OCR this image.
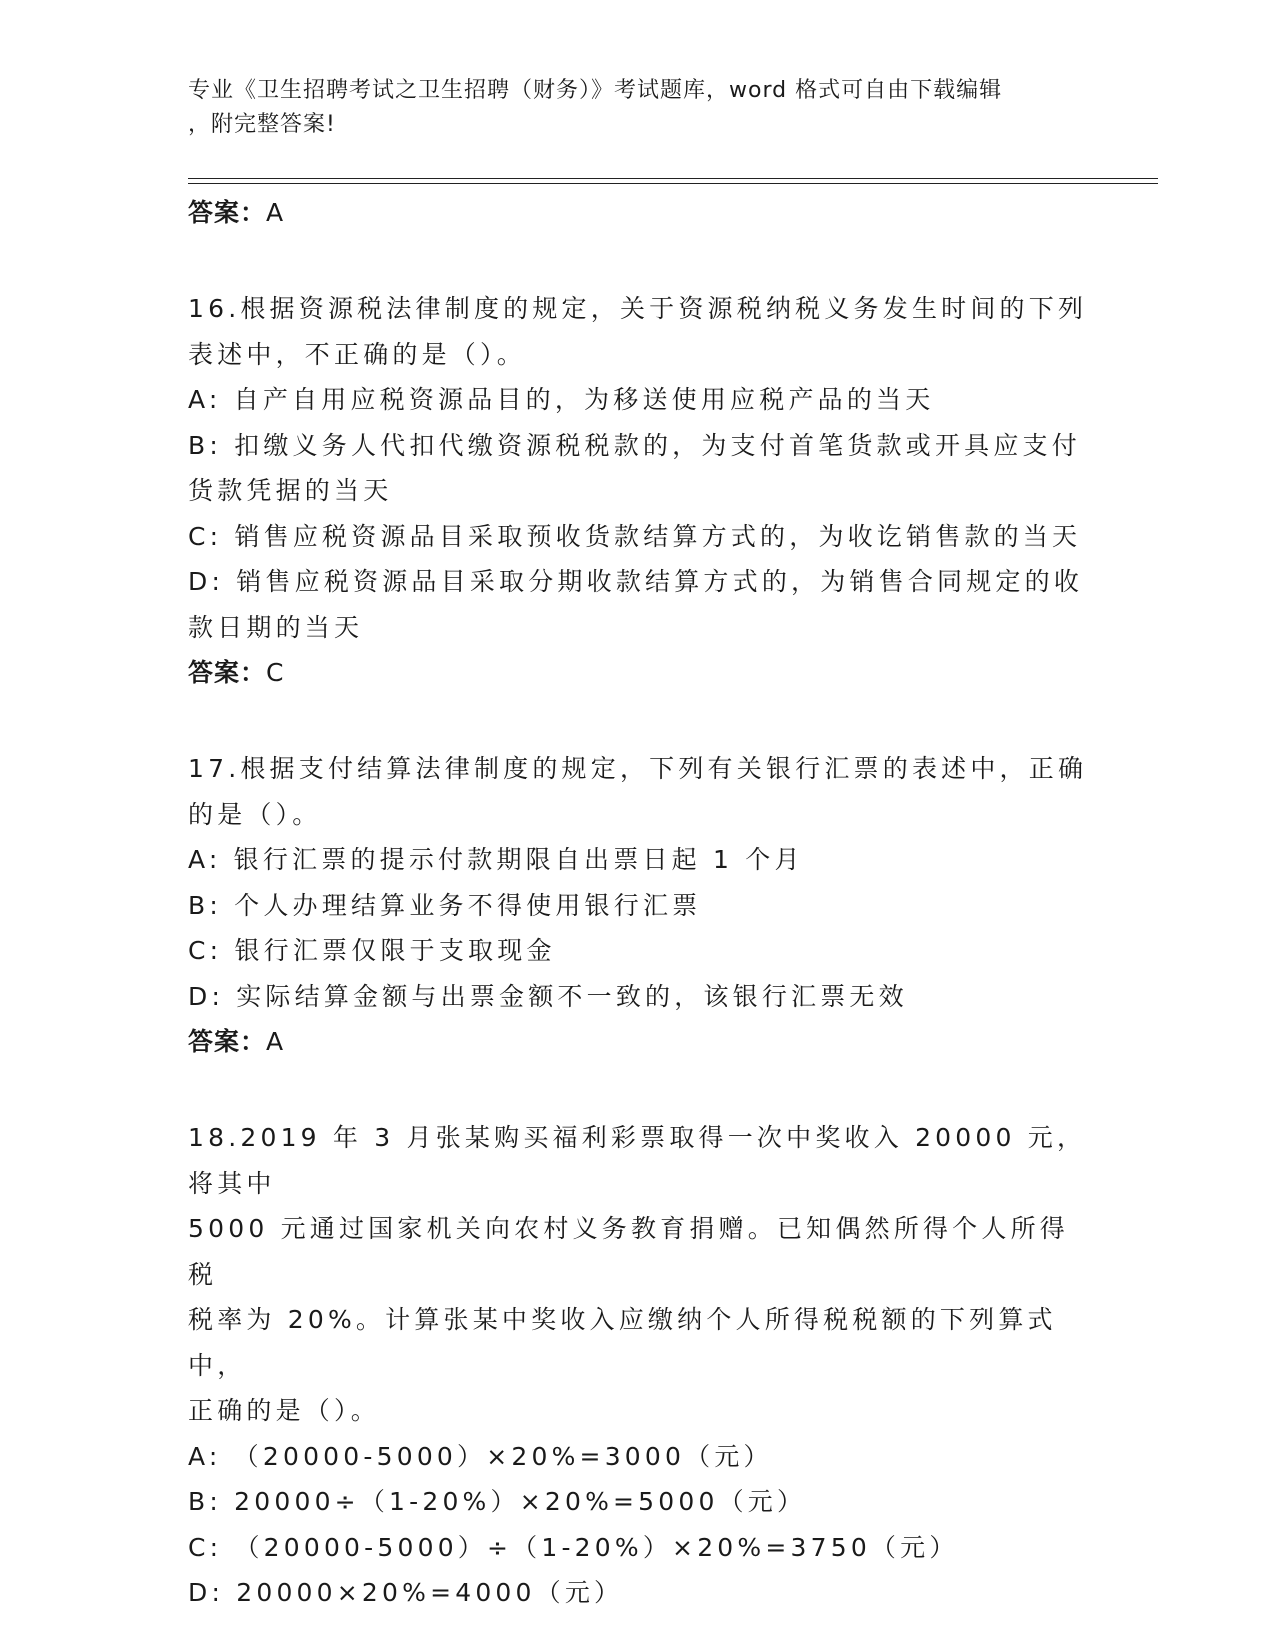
专业《卫生招聘考试之卫生招聘（财务）》考试题库，word 格式可自由下载编辑
，附完整答案!
答案：A

16.根据资源税法律制度的规定，关于资源税纳税义务发生时间的下列

表述中，不正确的是（）。

A: 自产自用应税资源品目的，为移送使用应税产品的当天

B: 扣缴义务人代扣代缴资源税税款的，为支付首笔货款或开具应支付

货款凭据的当天

C: 销售应税资源品目采取预收货款结算方式的，为收讫销售款的当天

D: 销售应税资源品目采取分期收款结算方式的，为销售合同规定的收

款日期的当天

答案：C

17.根据支付结算法律制度的规定，下列有关银行汇票的表述中，正确

的是（）。

A: 银行汇票的提示付款期限自出票日起 1 个月

B: 个人办理结算业务不得使用银行汇票

C: 银行汇票仅限于支取现金

D: 实际结算金额与出票金额不一致的，该银行汇票无效

答案：A

18.2019 年 3 月张某购买福利彩票取得一次中奖收入 20000 元，将其中

5000 元通过国家机关向农村义务教育捐赠。已知偶然所得个人所得税

税率为 20%。计算张某中奖收入应缴纳个人所得税税额的下列算式中，

正确的是（）。

A: （20000-5000）×20%=3000（元）

B: 20000÷（1-20%）×20%=5000（元）

C: （20000-5000）÷（1-20%）×20%=3750（元）

D: 20000×20%=4000（元）
